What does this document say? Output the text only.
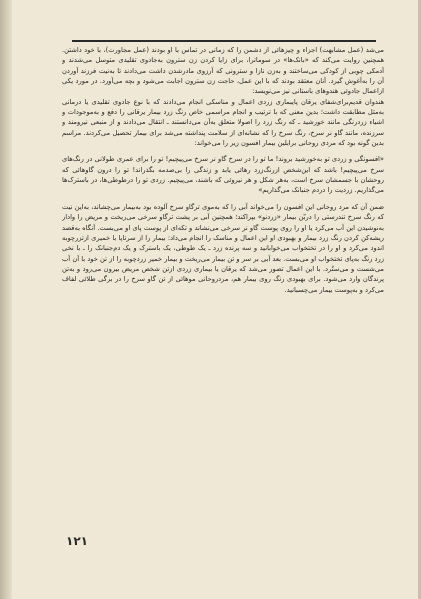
می‌شد (عمل مشابهت) اجزاء و چیزهائی از دشمن را که زمانی در تماس با او بودند (عمل مجاورت)، با خود داشتن. همچنین روایت می‌کند که «بانک‌ها» در سوماترا، برای زایا کردن زن سترون به‌جادوی تقلیدی متوسل می‌شدند و آدمکی چوبی از کودکی می‌ساختند و به‌زن نازا و سترونی که آرزوی مادرشدن داشت می‌دادند تا به‌نیت فرزند آوردن آن را به‌آغوش گیرد. آنان معتقد بودند که با این عمل، حاجت زن سترون اجابت می‌شود و بچه می‌آورد. در مورد یکی ازاعمال جادوئی هندوهای باستانی نیز می‌نویسد:

هندوان قدیم‌برای‌شفای یرقان پایبماری زردی اعمال و مناسکی انجام می‌دادند که با نوع جادوی تقلیدی یا درمانی به‌مثل مطابقت داشت؛ بدین معنی که با ترتیب و انجام مراسمی خاص رنگ زرد بیمار یرقانی را دفع و به‌موجودات و اشیاء زردرنگی مانند خورشید ـ که رنگ زرد را اصولا متعلق به‌آن می‌دانستند ـ انتقال می‌دادند و از منبعی نیرومند و سرزنده، مانند گاو نر سرخ، رنگ سرخ را که نشانه‌ای از سلامت پنداشته می‌شد برای بیمار تحصیل می‌کردند. مراسم بدین گونه بود که مردی روحانی برابلین بیمار افسون زیر را می‌خواند:

«افسونگی و زردی تو به‌خورشید بروند! ما تو را در سرخ گاو نر سرخ می‌پیچیم! تو را برای عمری طولانی در رنگ‌های سرخ می‌پیچیم! باشد که این‌شخص ازرنگ‌زرد رهائی یابد و زندگی را بی‌صدمه بگذراند! تو را درون گاوهائی که روحشان با جسمشان سرخ است، به‌هر شکل و هر نیروئی که باشند، می‌پیچیم. زردی تو را درطوطی‌ها، در باسترک‌ها می‌گذاریم. زردیت را دردم جنبانک می‌گذاریم»

ضمن آن که مرد روحانی این افسون را می‌خواند آبی را که به‌موی ترگاو سرخ آلوده بود به‌بیمار می‌چشاند، به‌این نیت که رنگ سرخ تندرستی را دربّن بیمار «زردنو» بپراکند؛ همچنین آبی بر پشت ترگاو سرخی می‌ریخت و مریض را وادار به‌نوشیدن این آب می‌کرد یا او را روی پوست گاو نر سرخی می‌نشاند و تکه‌ای از پوست پای او می‌بست. آنگاه به‌قصد ریشه‌کن کردن رنگ زرد بیمار و بهبودی او این اعمال و مناسک را انجام می‌داد: بیمار را از سرتاپا با خمیری ازتزرچوبه اندود می‌کرد و او را در تختخواب می‌خوابانید و سه پرنده زرد ـ یک طوطی، یک باسترک و یک دم‌جنبانک را ـ با نخی زرد رنگ به‌پای تختخواب او می‌بست. بعد آبی بر سر و تن بیمار می‌ریخت و بیمار خمیر زردچوبه را از تن خود با آن آب می‌شست و می‌ستُرد. با این اعمال تصور می‌شد که یرقان یا بیماری زردی ازتن شخص مریض بیرون می‌رود و به‌تن پرندگان وارد می‌شود. برای بهبودی رنگ روی بیمار هم، مردروحانی موهائی از تن گاو سرخ را در برگی طلائی لفاف می‌کرد و به‌پوست بیمار می‌چسبانید.

۱۲۱
